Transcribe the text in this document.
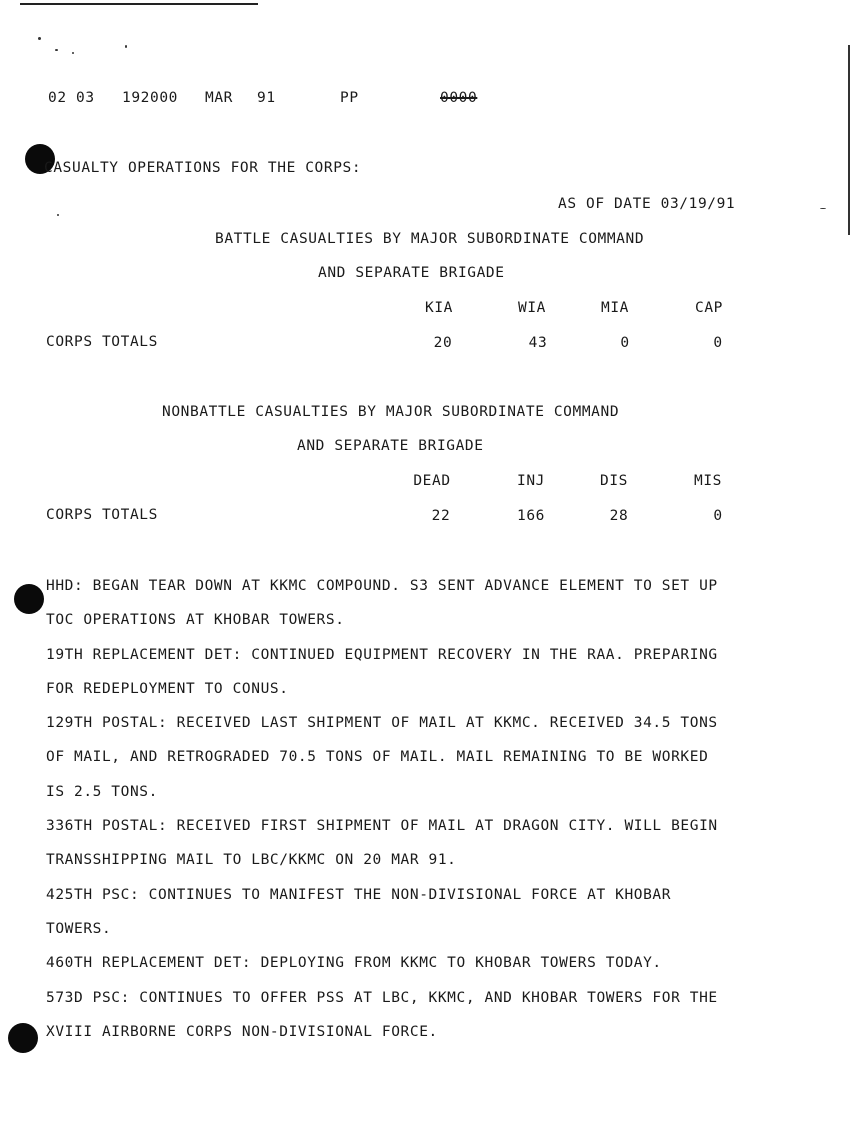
02 03 192000 MAR 91	PP	0000
CASUALTY OPERATIONS FOR THE CORPS:
AS OF DATE 03/19/91
BATTLE CASUALTIES BY MAJOR SUBORDINATE COMMAND
AND SEPARATE BRIGADE
KIA	WIA	MIA	CAP
CORPS TOTALS	20	43	0	0
NONBATTLE CASUALTIES BY MAJOR SUBORDINATE COMMAND
AND SEPARATE BRIGADE
DEAD	INJ	DIS	MIS
CORPS TOTALS	22	166	28	0
HHD: BEGAN TEAR DOWN AT KKMC COMPOUND. S3 SENT ADVANCE ELEMENT TO SET UP
TOC OPERATIONS AT KHOBAR TOWERS.
19TH REPLACEMENT DET: CONTINUED EQUIPMENT RECOVERY IN THE RAA. PREPARING
FOR REDEPLOYMENT TO CONUS.
129TH POSTAL: RECEIVED LAST SHIPMENT OF MAIL AT KKMC. RECEIVED 34.5 TONS
OF MAIL, AND RETROGRADED 70.5 TONS OF MAIL. MAIL REMAINING TO BE WORKED
IS 2.5 TONS.
336TH POSTAL: RECEIVED FIRST SHIPMENT OF MAIL AT DRAGON CITY. WILL BEGIN
TRANSSHIPPING MAIL TO LBC/KKMC ON 20 MAR 91.
425TH PSC: CONTINUES TO MANIFEST THE NON-DIVISIONAL FORCE AT KHOBAR
TOWERS.
460TH REPLACEMENT DET: DEPLOYING FROM KKMC TO KHOBAR TOWERS TODAY.
573D PSC: CONTINUES TO OFFER PSS AT LBC, KKMC, AND KHOBAR TOWERS FOR THE
XVIII AIRBORNE CORPS NON-DIVISIONAL FORCE.
